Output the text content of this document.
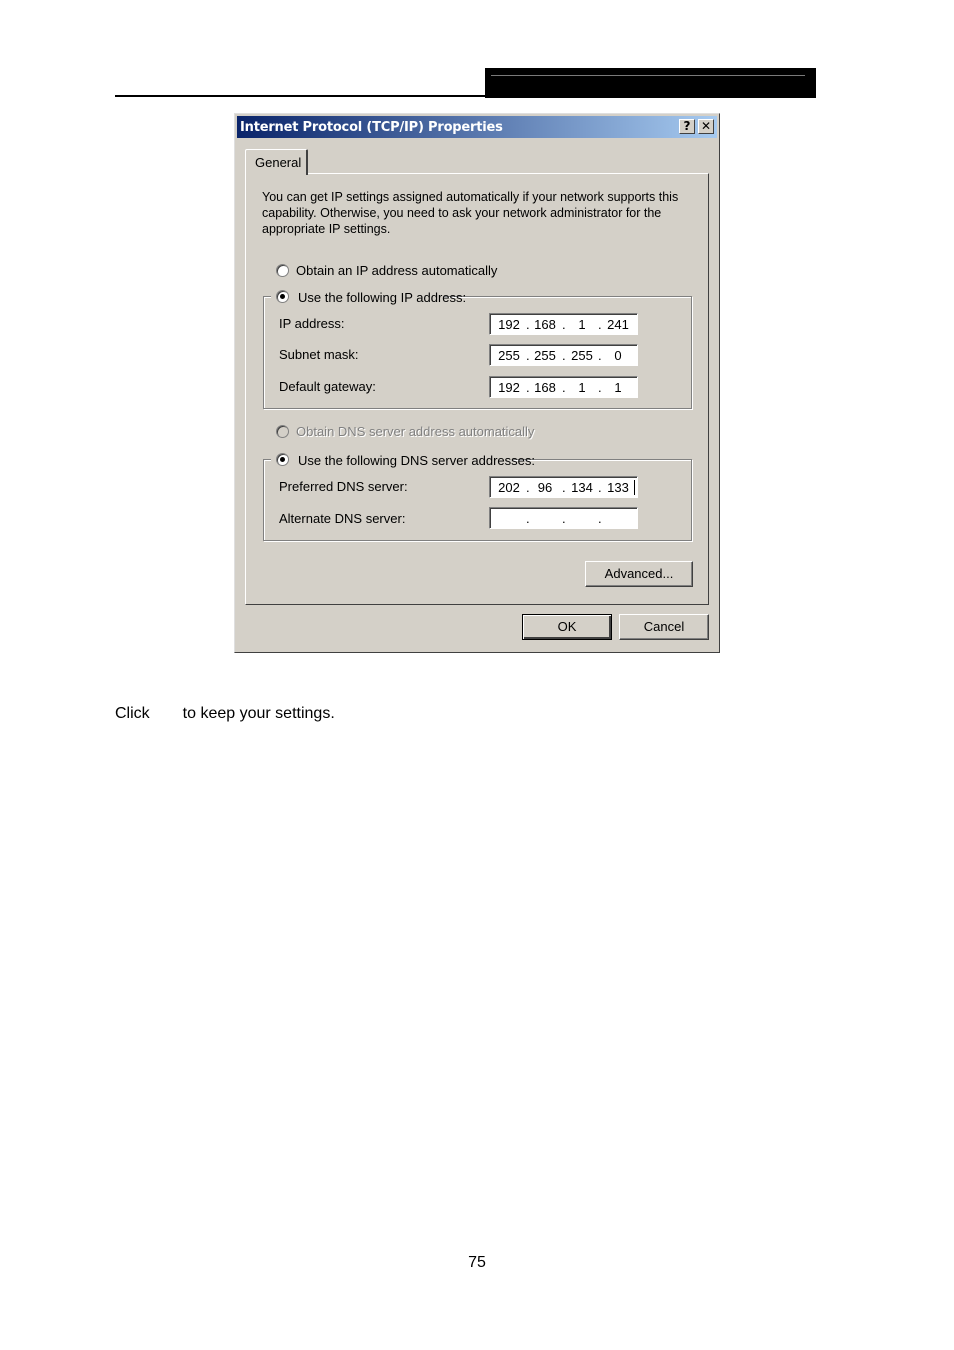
Internet Protocol (TCP/IP) Properties	? ✕
General
You can get IP settings assigned automatically if your network supports this capability. Otherwise, you need to ask your network administrator for the appropriate IP settings.
Obtain an IP address automatically
Use the following IP address:
IP address:	192 . 168 . 1 . 241
Subnet mask:	255 . 255 . 255 . 0
Default gateway:	192 . 168 . 1 . 1
Obtain DNS server address automatically
Use the following DNS server addresses:
Preferred DNS server:	202 . 96 . 134 . 133
Alternate DNS server:	. . .
Advanced...
OK	Cancel
Click to keep your settings.
75
